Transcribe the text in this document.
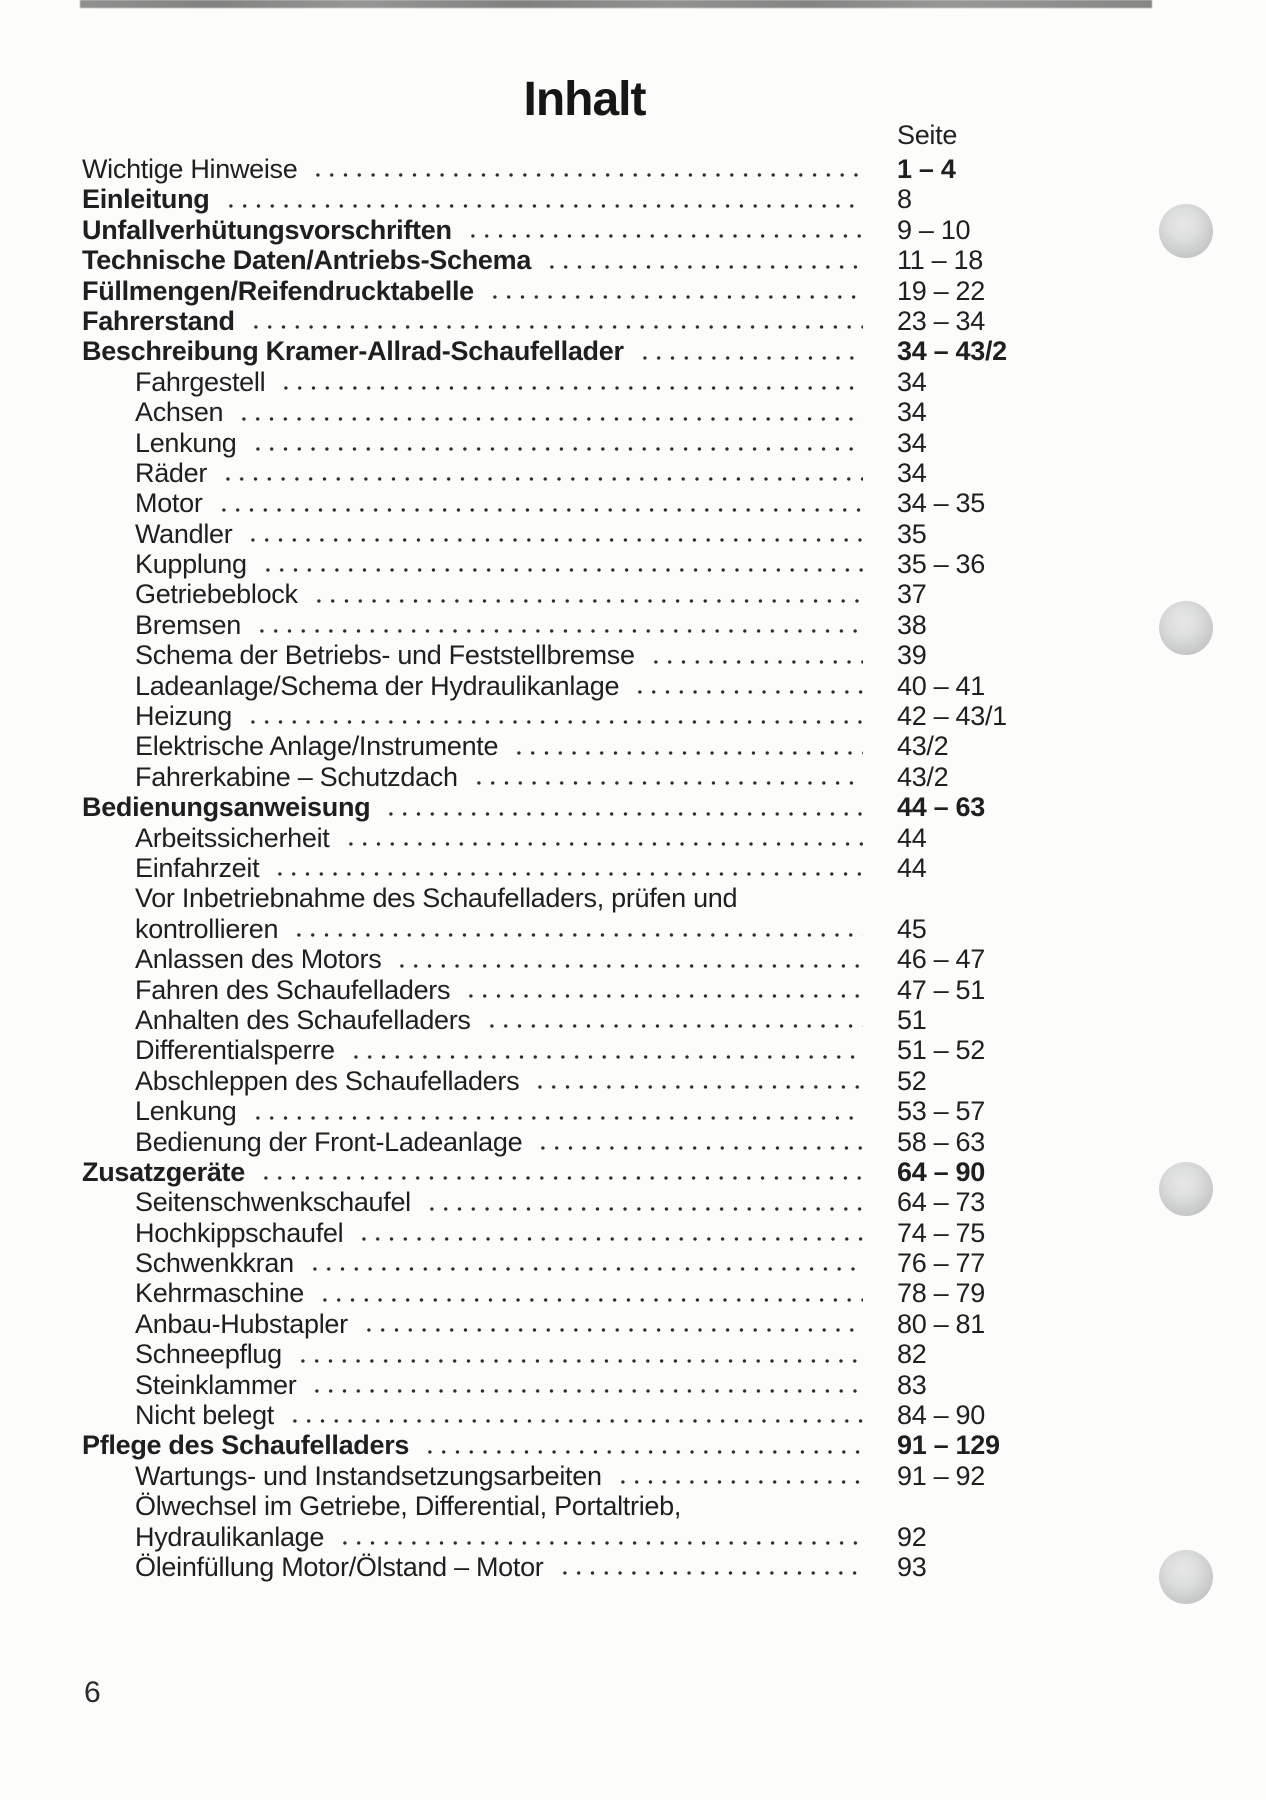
Inhalt
Seite
Wichtige Hinweise	1 – 4
Einleitung	8
Unfallverhütungsvorschriften	9 – 10
Technische Daten/Antriebs-Schema	11 – 18
Füllmengen/Reifendrucktabelle	19 – 22
Fahrerstand	23 – 34
Beschreibung Kramer-Allrad-Schaufellader	34 – 43/2
Fahrgestell	34
Achsen	34
Lenkung	34
Räder	34
Motor	34 – 35
Wandler	35
Kupplung	35 – 36
Getriebeblock	37
Bremsen	38
Schema der Betriebs- und Feststellbremse	39
Ladeanlage/Schema der Hydraulikanlage	40 – 41
Heizung	42 – 43/1
Elektrische Anlage/Instrumente	43/2
Fahrerkabine – Schutzdach	43/2
Bedienungsanweisung	44 – 63
Arbeitssicherheit	44
Einfahrzeit	44
Vor Inbetriebnahme des Schaufelladers, prüfen und
kontrollieren	45
Anlassen des Motors	46 – 47
Fahren des Schaufelladers	47 – 51
Anhalten des Schaufelladers	51
Differentialsperre	51 – 52
Abschleppen des Schaufelladers	52
Lenkung	53 – 57
Bedienung der Front-Ladeanlage	58 – 63
Zusatzgeräte	64 – 90
Seitenschwenkschaufel	64 – 73
Hochkippschaufel	74 – 75
Schwenkkran	76 – 77
Kehrmaschine	78 – 79
Anbau-Hubstapler	80 – 81
Schneepflug	82
Steinklammer	83
Nicht belegt	84 – 90
Pflege des Schaufelladers	91 – 129
Wartungs- und Instandsetzungsarbeiten	91 – 92
Ölwechsel im Getriebe, Differential, Portaltrieb,
Hydraulikanlage	92
Öleinfüllung Motor/Ölstand – Motor	93
6
